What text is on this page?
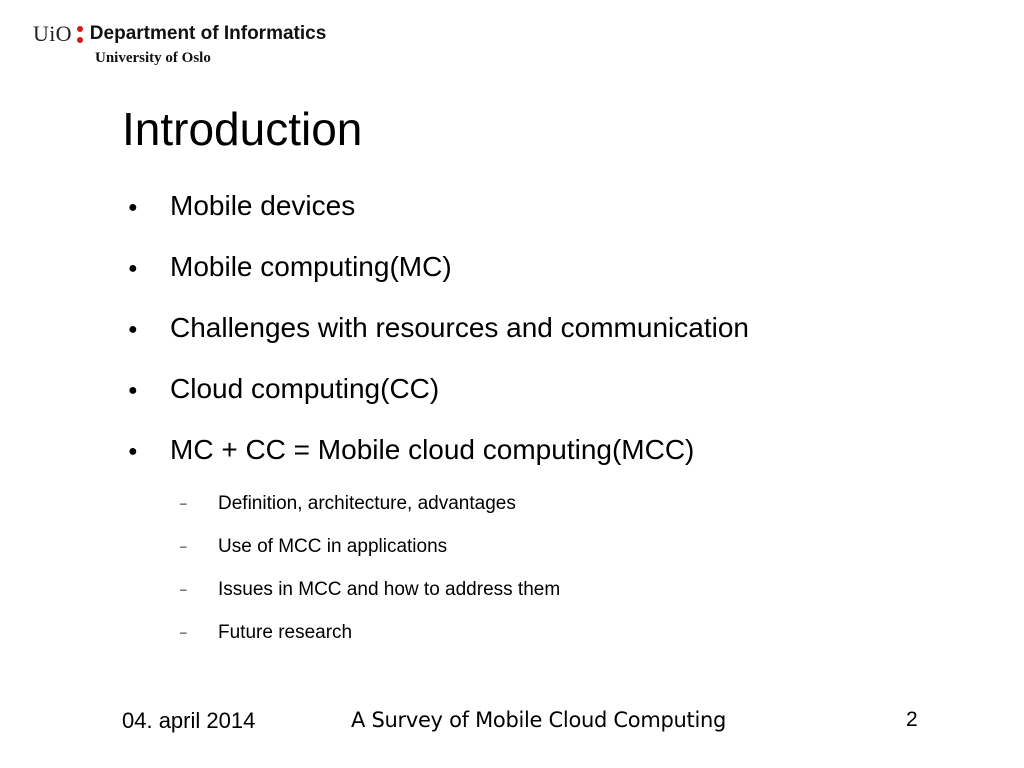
UiO Department of Informatics
University of Oslo
Introduction
●	Mobile devices
●	Mobile computing(MC)
●	Challenges with resources and communication
●	Cloud computing(CC)
●	MC + CC = Mobile cloud computing(MCC)
–	Definition, architecture, advantages
–	Use of MCC in applications
–	Issues in MCC and how to address them
–	Future research
04. april 2014	A Survey of Mobile Cloud Computing	2
